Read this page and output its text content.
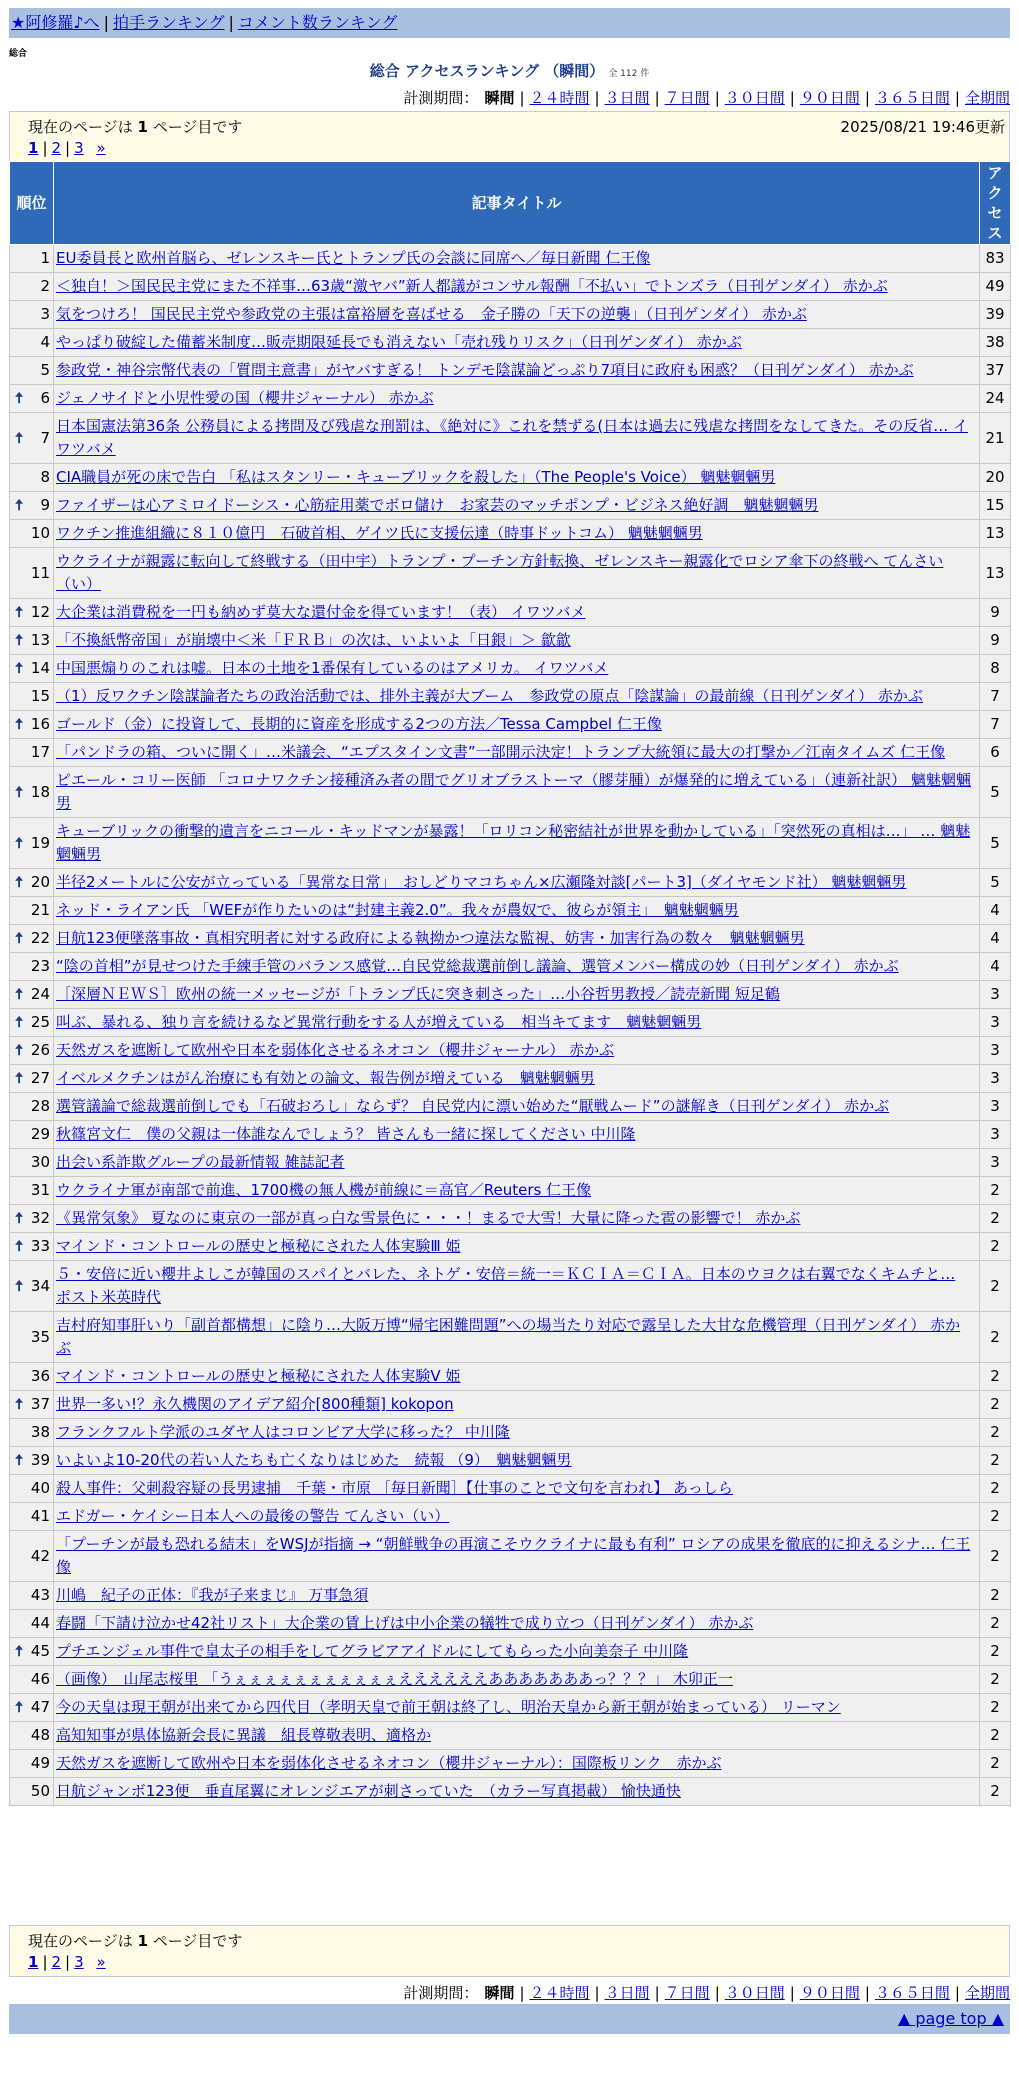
★阿修羅♪へ | 拍手ランキング | コメント数ランキング
総合
総合 アクセスランキング （瞬間） 全 112 件
計測期間： 瞬間 | ２４時間 | ３日間 | ７日間 | ３０日間 | ９０日間 | ３６５日間 | 全期間
現在のページは 1 ページ目です	2025/08/21 19:46更新
1 | 2 | 3 »
順位	記事タイトル	アクセス
1	EU委員長と欧州首脳ら、ゼレンスキー氏とトランプ氏の会談に同席へ／毎日新聞 仁王像	83
2	＜独自！＞国民民主党にまた不祥事…63歳“激ヤバ”新人都議がコンサル報酬「不払い」でトンズラ（日刊ゲンダイ） 赤かぶ	49
3	気をつけろ！ 国民民主党や参政党の主張は富裕層を喜ばせる　金子勝の「天下の逆襲」（日刊ゲンダイ） 赤かぶ	39
4	やっぱり破綻した備蓄米制度…販売期限延長でも消えない「売れ残りリスク」（日刊ゲンダイ） 赤かぶ	38
5	参政党・神谷宗幣代表の「質問主意書」がヤバすぎる！ トンデモ陰謀論どっぷり7項目に政府も困惑？（日刊ゲンダイ） 赤かぶ	37

🠅 6	ジェノサイドと小児性愛の国（櫻井ジャーナル） 赤かぶ	24

🠅 7	日本国憲法第36条 公務員による拷問及び残虐な刑罰は、《絶対に》これを禁ずる(日本は過去に残虐な拷問をなしてきた。その反省… イワツバメ	21
8	CIA職員が死の床で告白 「私はスタンリー・キューブリックを殺した」（The People's Voice） 魑魅魍魎男	20

🠅 9	ファイザーは心アミロイドーシス・心筋症用薬でボロ儲け　お家芸のマッチポンプ・ビジネス絶好調　魑魅魍魎男	15
10	ワクチン推進組織に８１０億円　石破首相、ゲイツ氏に支援伝達（時事ドットコム） 魑魅魍魎男	13
11	ウクライナが親露に転向して終戦する（田中宇）トランプ・プーチン方針転換、ゼレンスキー親露化でロシア傘下の終戦へ てんさい（い）	13

🠅 12	大企業は消費税を一円も納めず莫大な還付金を得ています！（表） イワツバメ	9

🠅 13	「不換紙幣帝国」が崩壊中＜米「ＦＲＢ」の次は、いよいよ「日銀」＞ 歙歙	9

🠅 14	中国悪煽りのこれは嘘。日本の土地を1番保有しているのはアメリカ。 イワツバメ	8
15	（1）反ワクチン陰謀論者たちの政治活動では、排外主義が大ブーム　参政党の原点「陰謀論」の最前線（日刊ゲンダイ） 赤かぶ	7

🠅 16	ゴールド（金）に投資して、長期的に資産を形成する2つの方法／Tessa Campbel 仁王像	7
17	「パンドラの箱、ついに開く」…米議会、“エプスタイン文書”一部開示決定！トランプ大統領に最大の打撃か／江南タイムズ 仁王像	6

🠅 18	ピエール・コリー医師 「コロナワクチン接種済み者の間でグリオブラストーマ（膠芽腫）が爆発的に増えている」（連新社訳） 魑魅魍魎男	5

🠅 19	キューブリックの衝撃的遺言をニコール・キッドマンが暴露！「ロリコン秘密結社が世界を動かしている」「突然死の真相は…」 … 魑魅魍魎男	5

🠅 20	半径2メートルに公安が立っている「異常な日常」　おしどりマコちゃん×広瀬隆対談[パート3]（ダイヤモンド社） 魑魅魍魎男	5
21	ネッド・ライアン氏 「WEFが作りたいのは“封建主義2.0”。我々が農奴で、彼らが領主」　魑魅魍魎男	4

🠅 22	日航123便墜落事故・真相究明者に対する政府による執拗かつ違法な監視、妨害・加害行為の数々　魑魅魍魎男	4
23	“陰の首相”が見せつけた手練手管のバランス感覚…自民党総裁選前倒し議論、選管メンバー構成の妙（日刊ゲンダイ） 赤かぶ	4

🠅 24	［深層ＮＥＷＳ］欧州の統一メッセージが「トランプ氏に突き刺さった」…小谷哲男教授／読売新聞 短足鶴	3

🠅 25	叫ぶ、暴れる、独り言を続けるなど異常行動をする人が増えている　相当キてます　魑魅魍魎男	3

🠅 26	天然ガスを遮断して欧州や日本を弱体化させるネオコン（櫻井ジャーナル） 赤かぶ	3

🠅 27	イベルメクチンはがん治療にも有効との論文、報告例が増えている　魑魅魍魎男	3
28	選管議論で総裁選前倒しでも「石破おろし」ならず？ 自民党内に漂い始めた“厭戦ムード”の謎解き（日刊ゲンダイ） 赤かぶ	3
29	秋篠宮文仁　僕の父親は一体誰なんでしょう？ 皆さんも一緒に探してください 中川隆	3
30	出会い系詐欺グループの最新情報 雑誌記者	3
31	ウクライナ軍が南部で前進、1700機の無人機が前線に＝高官／Reuters 仁王像	2

🠅 32	《異常気象》 夏なのに東京の一部が真っ白な雪景色に・・・！まるで大雪！大量に降った雹の影響で！ 赤かぶ	2

🠅 33	マインド・コントロールの歴史と極秘にされた人体実験Ⅲ 姫	2

🠅 34	５・安倍に近い櫻井よしこが韓国のスパイとバレた、ネトゲ・安倍＝統一＝ＫＣＩＡ＝ＣＩＡ。日本のウヨクは右翼でなくキムチと… ポスト米英時代	2
35	吉村府知事肝いり「副首都構想」に陰り…大阪万博“帰宅困難問題”への場当たり対応で露呈した大甘な危機管理（日刊ゲンダイ） 赤かぶ	2
36	マインド・コントロールの歴史と極秘にされた人体実験Ⅴ 姫	2

🠅 37	世界一多い!？永久機関のアイデア紹介[800種類] kokopon	2
38	フランクフルト学派のユダヤ人はコロンビア大学に移った？ 中川隆	2

🠅 39	いよいよ10-20代の若い人たちも亡くなりはじめた　続報 （9）　魑魅魍魎男	2
40	殺人事件：父刺殺容疑の長男逮捕　千葉・市原 ［毎日新聞］【仕事のことで文句を言われ】 あっしら	2
41	エドガー・ケイシー日本人への最後の警告 てんさい（い）	2
42	「プーチンが最も恐れる結末」をWSJが指摘 → “朝鮮戦争の再演こそウクライナに最も有利” ロシアの成果を徹底的に抑えるシナ… 仁王像	2
43	川嶋　紀子の正体：『我が子来まじ』 万事急須	2
44	春闘「下請け泣かせ42社リスト」大企業の賃上げは中小企業の犠牲で成り立つ（日刊ゲンダイ） 赤かぶ	2

🠅 45	プチエンジェル事件で皇太子の相手をしてグラビアアイドルにしてもらった小向美奈子 中川隆	2
46	（画像）　山尾志桜里 「うぇぇぇぇぇぇぇぇぇぇぇええええええあああああああっ？？？」 木卯正一	2

🠅 47	今の天皇は現王朝が出来てから四代目（孝明天皇で前王朝は終了し、明治天皇から新王朝が始まっている） リーマン	2
48	高知知事が県体協新会長に異議　組長尊敬表明、適格か	2
49	天然ガスを遮断して欧州や日本を弱体化させるネオコン（櫻井ジャーナル）：国際板リンク　赤かぶ	2
50	日航ジャンボ123便　垂直尾翼にオレンジエアが刺さっていた　（カラー写真掲載） 愉快通快	2
現在のページは 1 ページ目です
1 | 2 | 3 »
計測期間： 瞬間 | ２４時間 | ３日間 | ７日間 | ３０日間 | ９０日間 | ３６５日間 | 全期間
▲ page top ▲
